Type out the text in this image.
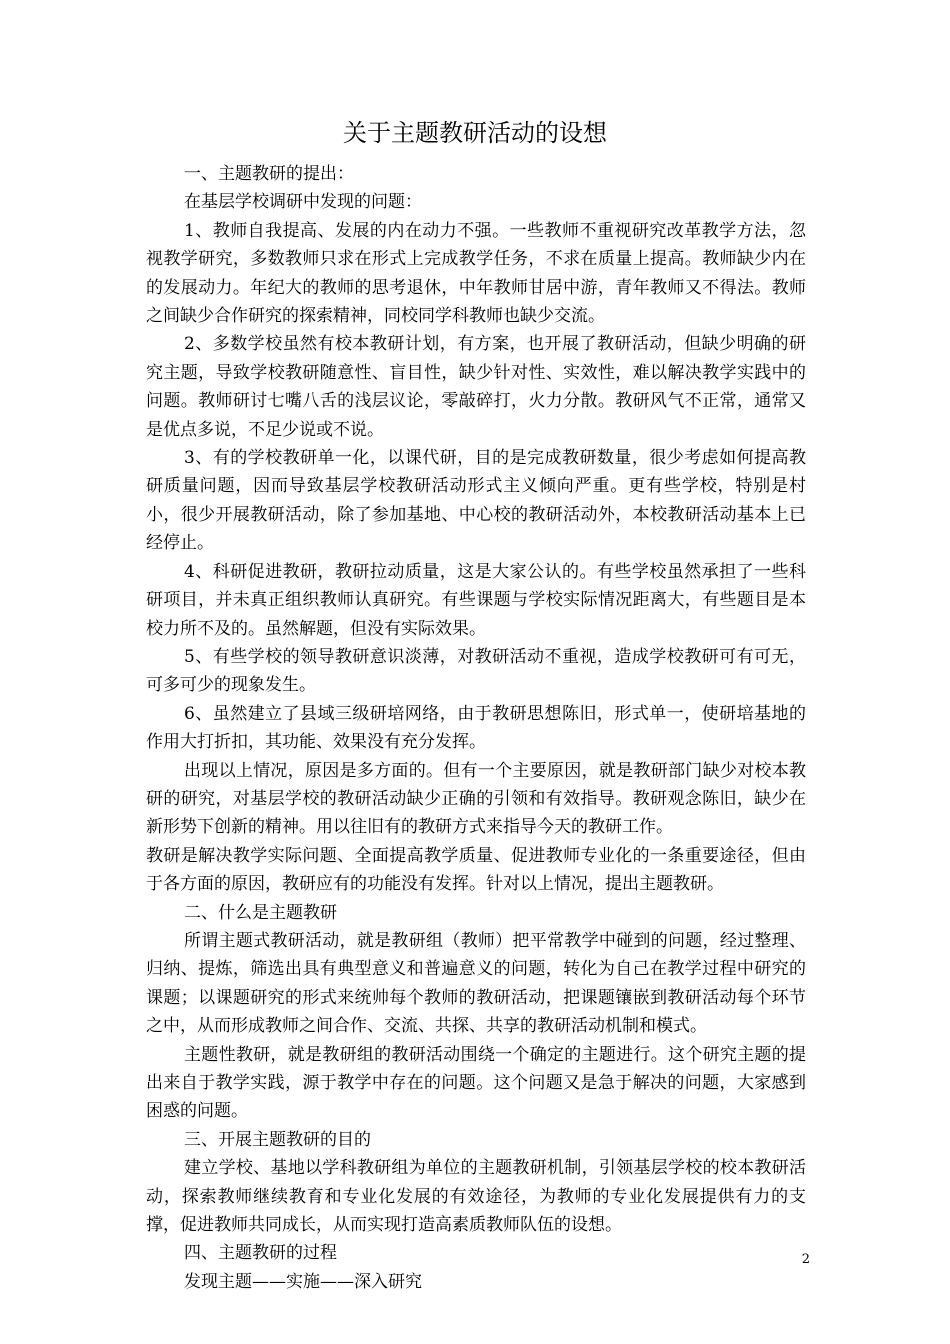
关于主题教研活动的设想

一、主题教研的提出：

在基层学校调研中发现的问题：

1、教师自我提高、发展的内在动力不强。一些教师不重视研究改革教学方法，忽视教学研究，多数教师只求在形式上完成教学任务，不求在质量上提高。教师缺少内在的发展动力。年纪大的教师的思考退休，中年教师甘居中游，青年教师又不得法。教师之间缺少合作研究的探索精神，同校同学科教师也缺少交流。

2、多数学校虽然有校本教研计划，有方案，也开展了教研活动，但缺少明确的研究主题，导致学校教研随意性、盲目性，缺少针对性、实效性，难以解决教学实践中的问题。教师研讨七嘴八舌的浅层议论，零敲碎打，火力分散。教研风气不正常，通常又是优点多说，不足少说或不说。

3、有的学校教研单一化，以课代研，目的是完成教研数量，很少考虑如何提高教研质量问题，因而导致基层学校教研活动形式主义倾向严重。更有些学校，特别是村小，很少开展教研活动，除了参加基地、中心校的教研活动外，本校教研活动基本上已经停止。

4、科研促进教研，教研拉动质量，这是大家公认的。有些学校虽然承担了一些科研项目，并未真正组织教师认真研究。有些课题与学校实际情况距离大，有些题目是本校力所不及的。虽然解题，但没有实际效果。

5、有些学校的领导教研意识淡薄，对教研活动不重视，造成学校教研可有可无，可多可少的现象发生。

6、虽然建立了县域三级研培网络，由于教研思想陈旧，形式单一，使研培基地的作用大打折扣，其功能、效果没有充分发挥。

出现以上情况，原因是多方面的。但有一个主要原因，就是教研部门缺少对校本教研的研究，对基层学校的教研活动缺少正确的引领和有效指导。教研观念陈旧，缺少在新形势下创新的精神。用以往旧有的教研方式来指导今天的教研工作。

教研是解决教学实际问题、全面提高教学质量、促进教师专业化的一条重要途径，但由于各方面的原因，教研应有的功能没有发挥。针对以上情况，提出主题教研。

二、什么是主题教研

所谓主题式教研活动，就是教研组（教师）把平常教学中碰到的问题，经过整理、归纳、提炼，筛选出具有典型意义和普遍意义的问题，转化为自己在教学过程中研究的课题；以课题研究的形式来统帅每个教师的教研活动，把课题镶嵌到教研活动每个环节之中，从而形成教师之间合作、交流、共探、共享的教研活动机制和模式。

主题性教研，就是教研组的教研活动围绕一个确定的主题进行。这个研究主题的提出来自于教学实践，源于教学中存在的问题。这个问题又是急于解决的问题，大家感到困惑的问题。

三、开展主题教研的目的

建立学校、基地以学科教研组为单位的主题教研机制，引领基层学校的校本教研活动，探索教师继续教育和专业化发展的有效途径，为教师的专业化发展提供有力的支撑，促进教师共同成长，从而实现打造高素质教师队伍的设想。

四、主题教研的过程

发现主题——实施——深入研究

2
